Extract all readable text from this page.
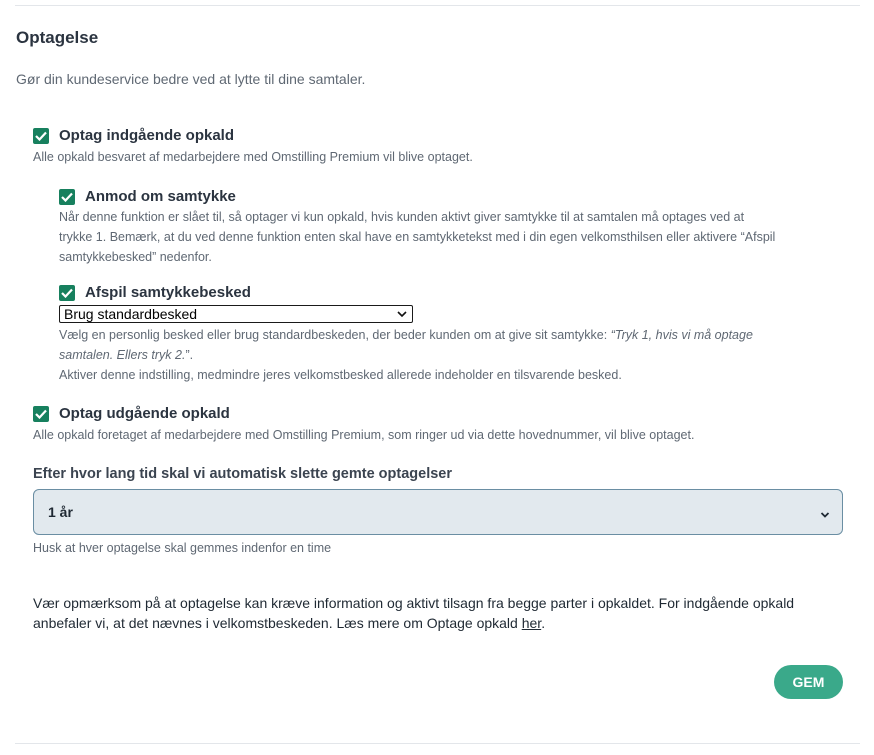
Optagelse
Gør din kundeservice bedre ved at lytte til dine samtaler.
Optag indgående opkald
Alle opkald besvaret af medarbejdere med Omstilling Premium vil blive optaget.
Anmod om samtykke
Når denne funktion er slået til, så optager vi kun opkald, hvis kunden aktivt giver samtykke til at samtalen må optages ved at
trykke 1. Bemærk, at du ved denne funktion enten skal have en samtykketekst med i din egen velkomsthilsen eller aktivere “Afspil
samtykkebesked” nedenfor.
Afspil samtykkebesked
Brug standardbesked
Vælg en personlig besked eller brug standardbeskeden, der beder kunden om at give sit samtykke: “Tryk 1, hvis vi må optage
samtalen. Ellers tryk 2.”.
Aktiver denne indstilling, medmindre jeres velkomstbesked allerede indeholder en tilsvarende besked.
Optag udgående opkald
Alle opkald foretaget af medarbejdere med Omstilling Premium, som ringer ud via dette hovednummer, vil blive optaget.
Efter hvor lang tid skal vi automatisk slette gemte optagelser
1 år
Husk at hver optagelse skal gemmes indenfor en time
Vær opmærksom på at optagelse kan kræve information og aktivt tilsagn fra begge parter i opkaldet. For indgående opkald
anbefaler vi, at det nævnes i velkomstbeskeden. Læs mere om Optage opkald her.
GEM
